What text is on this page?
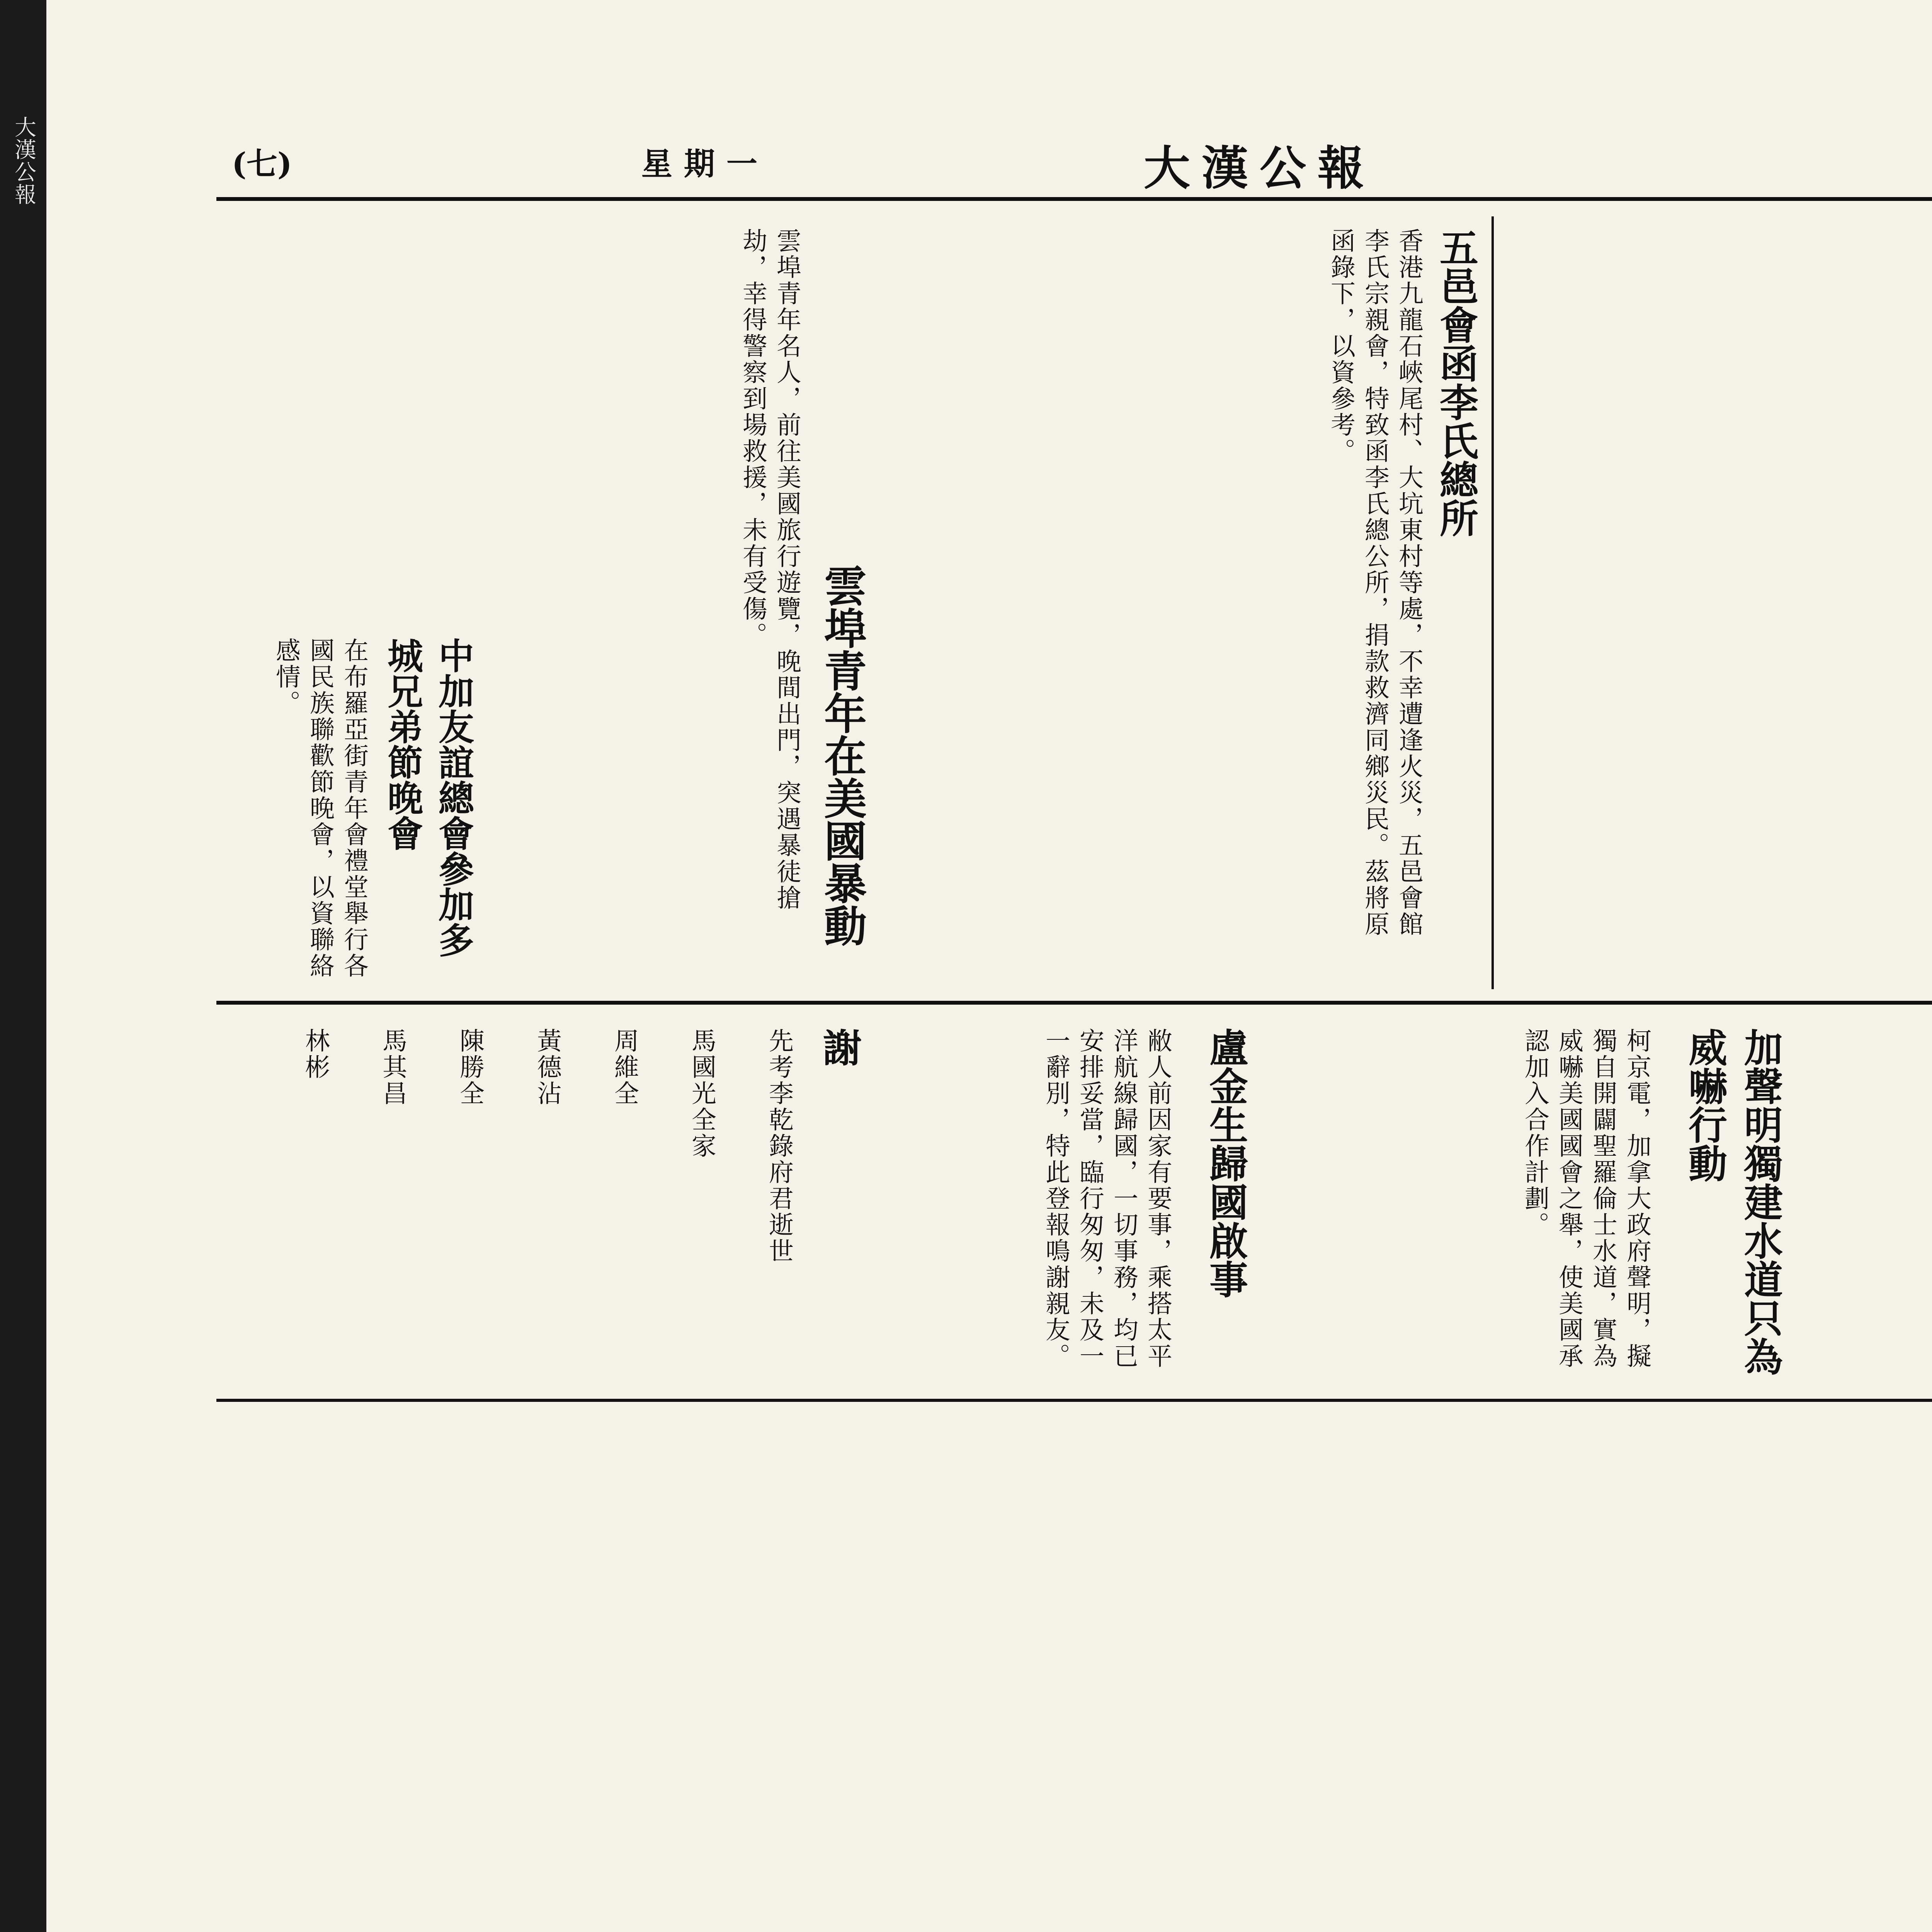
大漢公報	大漢公報
星期一
(七)
五邑會函李氏總所
香港九龍石峽尾村、大坑東村等處，不幸遭逢火災，五邑會館李氏宗親會，特致函李氏總公所，捐款救濟同鄉災民。茲將原函錄下，以資參考。
雲埠青年在美國暴動
雲埠青年名人，前往美國旅行遊覽，晚間出門，突遇暴徒搶劫，幸得警察到場救援，未有受傷。
中加友誼總會參加多城兄弟節晚會
在布羅亞街青年會禮堂舉行各國民族聯歡節晚會，以資聯絡感情。
加聲明獨建水道只為威嚇行動
柯京電，加拿大政府聲明，擬獨自開闢聖羅倫士水道，實為威嚇美國國會之舉，使美國承認加入合作計劃。
盧金生歸國啟事
敝人前因家有要事，乘搭太平洋航線歸國，一切事務，均已安排妥當，臨行匆匆，未及一一辭別，特此登報鳴謝親友。
謝
先考李乾錄府君逝世
馬國光全家
周維全
黃德沾
陳勝全
馬其昌
林彬
